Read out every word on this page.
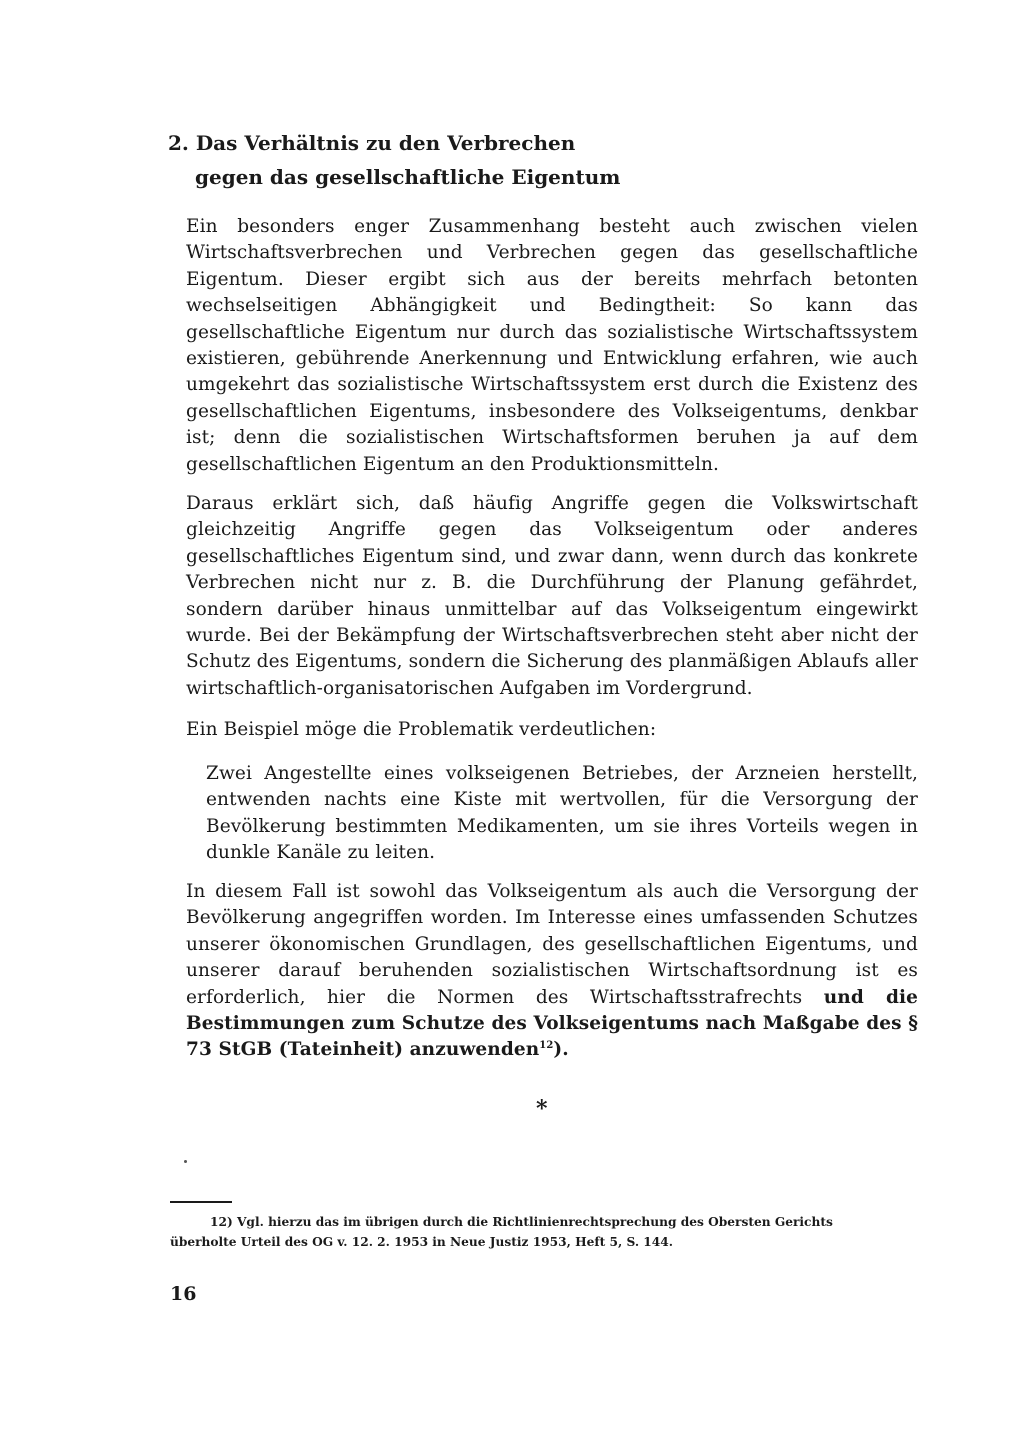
2. Das Verhältnis zu den Verbrechen
gegen das gesellschaftliche Eigentum

Ein besonders enger Zusammenhang besteht auch zwischen vielen Wirtschaftsverbrechen und Verbrechen gegen das gesellschaftliche Eigentum. Dieser ergibt sich aus der bereits mehrfach betonten wechselseitigen Abhängigkeit und Bedingtheit: So kann das gesellschaftliche Eigentum nur durch das sozialistische Wirtschaftssystem existieren, gebührende Anerkennung und Entwicklung erfahren, wie auch umgekehrt das sozialistische Wirtschaftssystem erst durch die Existenz des gesellschaftlichen Eigentums, insbesondere des Volkseigentums, denkbar ist; denn die sozialistischen Wirtschaftsformen beruhen ja auf dem gesellschaftlichen Eigentum an den Produktionsmitteln.

Daraus erklärt sich, daß häufig Angriffe gegen die Volkswirtschaft gleichzeitig Angriffe gegen das Volkseigentum oder anderes gesellschaftliches Eigentum sind, und zwar dann, wenn durch das konkrete Verbrechen nicht nur z. B. die Durchführung der Planung gefährdet, sondern darüber hinaus unmittelbar auf das Volkseigentum eingewirkt wurde. Bei der Bekämpfung der Wirtschaftsverbrechen steht aber nicht der Schutz des Eigentums, sondern die Sicherung des planmäßigen Ablaufs aller wirtschaftlich-organisatorischen Aufgaben im Vordergrund.

Ein Beispiel möge die Problematik verdeutlichen:

Zwei Angestellte eines volkseigenen Betriebes, der Arzneien herstellt, entwenden nachts eine Kiste mit wertvollen, für die Versorgung der Bevölkerung bestimmten Medikamenten, um sie ihres Vorteils wegen in dunkle Kanäle zu leiten.

In diesem Fall ist sowohl das Volkseigentum als auch die Versorgung der Bevölkerung angegriffen worden. Im Interesse eines umfassenden Schutzes unserer ökonomischen Grundlagen, des gesellschaftlichen Eigentums, und unserer darauf beruhenden sozialistischen Wirtschaftsordnung ist es erforderlich, hier die Normen des Wirtschaftsstrafrechts und die Bestimmungen zum Schutze des Volkseigentums nach Maßgabe des § 73 StGB (Tateinheit) anzuwenden$^{12}$).

*
12) Vgl. hierzu das im übrigen durch die Richtlinienrechtsprechung des Obersten Gerichts
überholte Urteil des OG v. 12. 2. 1953 in Neue Justiz 1953, Heft 5, S. 144.
16
